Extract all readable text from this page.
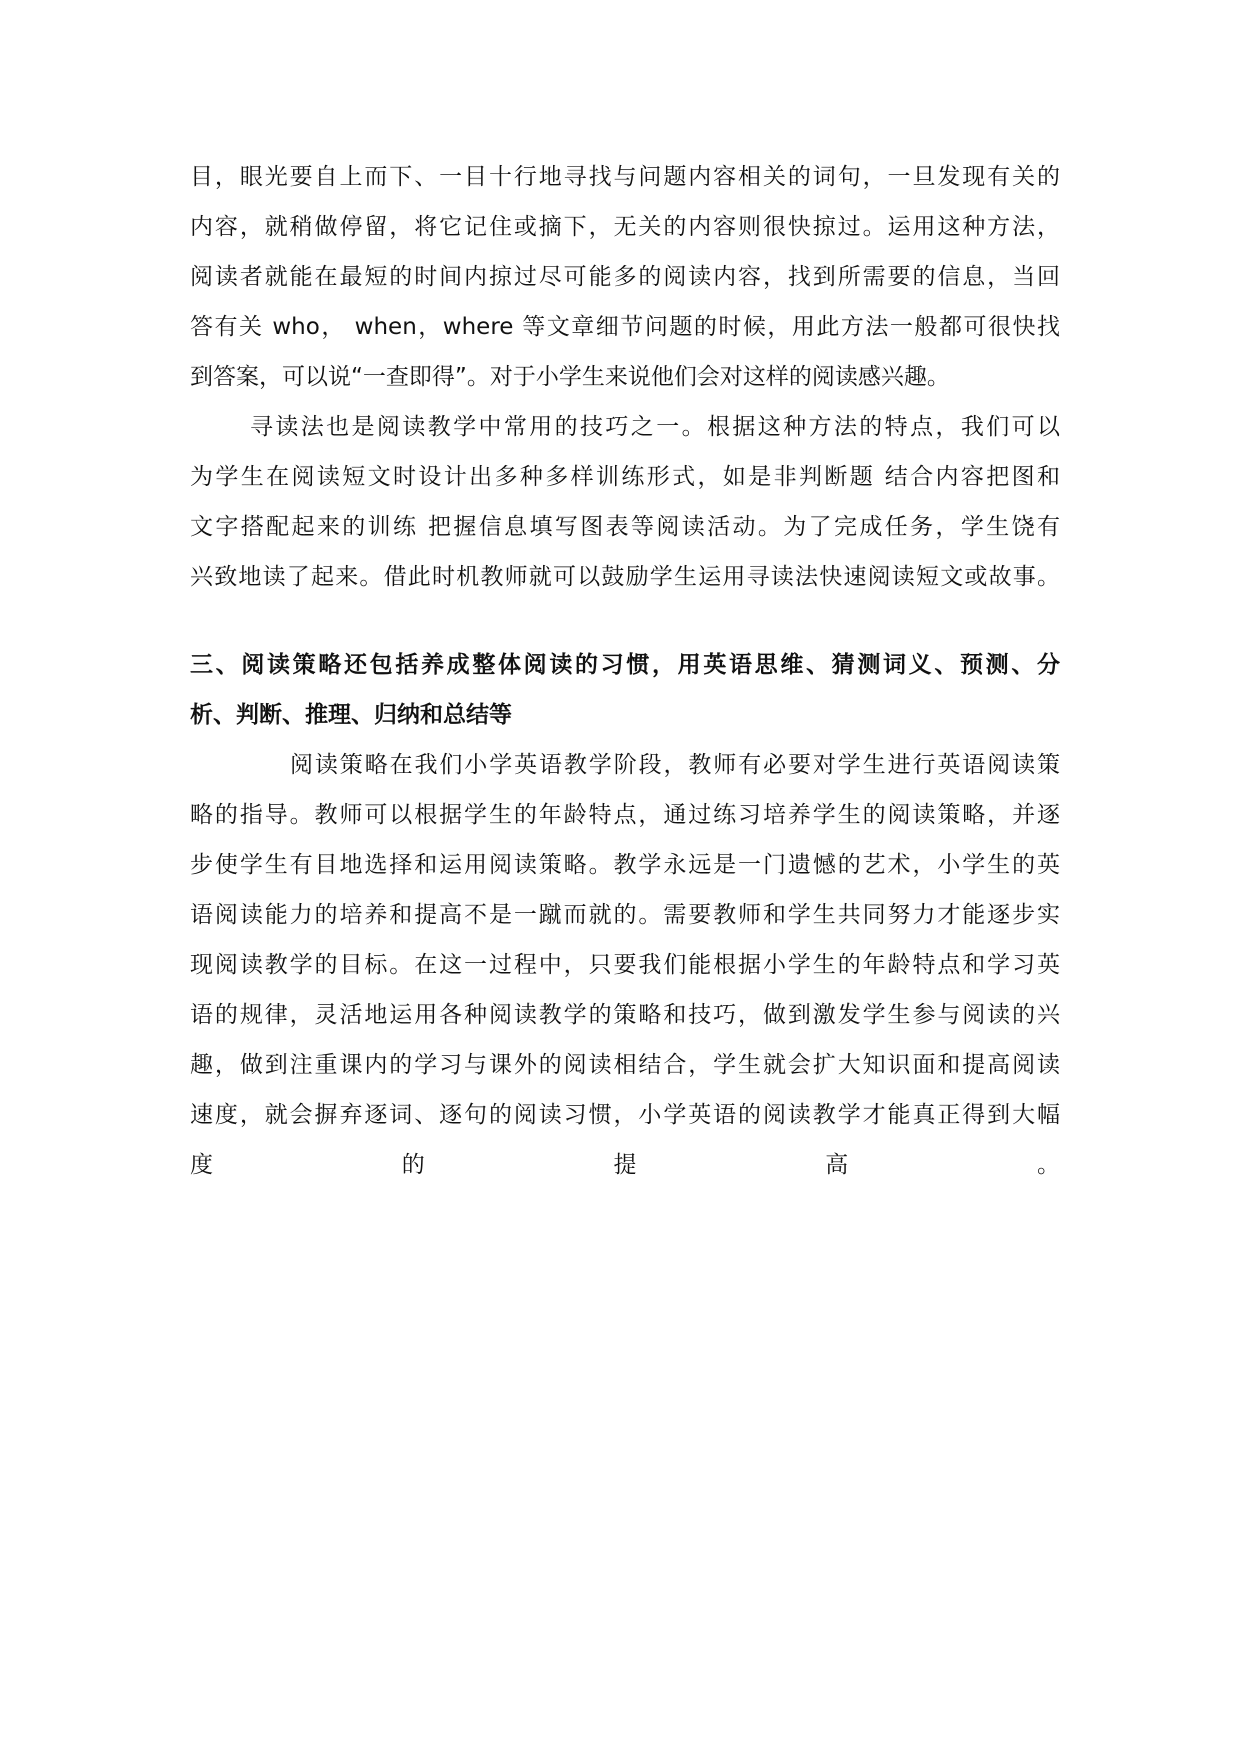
目，眼光要自上而下、一目十行地寻找与问题内容相关的词句，一旦发现有关的
内容，就稍做停留，将它记住或摘下，无关的内容则很快掠过。运用这种方法，
阅读者就能在最短的时间内掠过尽可能多的阅读内容，找到所需要的信息，当回
答有关 who， when，where 等文章细节问题的时候，用此方法一般都可很快找
到答案，可以说“一查即得”。对于小学生来说他们会对这样的阅读感兴趣。
寻读法也是阅读教学中常用的技巧之一。根据这种方法的特点，我们可以
为学生在阅读短文时设计出多种多样训练形式，如是非判断题 结合内容把图和
文字搭配起来的训练 把握信息填写图表等阅读活动。为了完成任务，学生饶有
兴致地读了起来。借此时机教师就可以鼓励学生运用寻读法快速阅读短文或故事。
三、阅读策略还包括养成整体阅读的习惯，用英语思维、猜测词义、预测、分
析、判断、推理、归纳和总结等
阅读策略在我们小学英语教学阶段，教师有必要对学生进行英语阅读策
略的指导。教师可以根据学生的年龄特点，通过练习培养学生的阅读策略，并逐
步使学生有目地选择和运用阅读策略。教学永远是一门遗憾的艺术，小学生的英
语阅读能力的培养和提高不是一蹴而就的。需要教师和学生共同努力才能逐步实
现阅读教学的目标。在这一过程中，只要我们能根据小学生的年龄特点和学习英
语的规律，灵活地运用各种阅读教学的策略和技巧，做到激发学生参与阅读的兴
趣，做到注重课内的学习与课外的阅读相结合，学生就会扩大知识面和提高阅读
速度，就会摒弃逐词、逐句的阅读习惯，小学英语的阅读教学才能真正得到大幅
度　的　提　高　。
